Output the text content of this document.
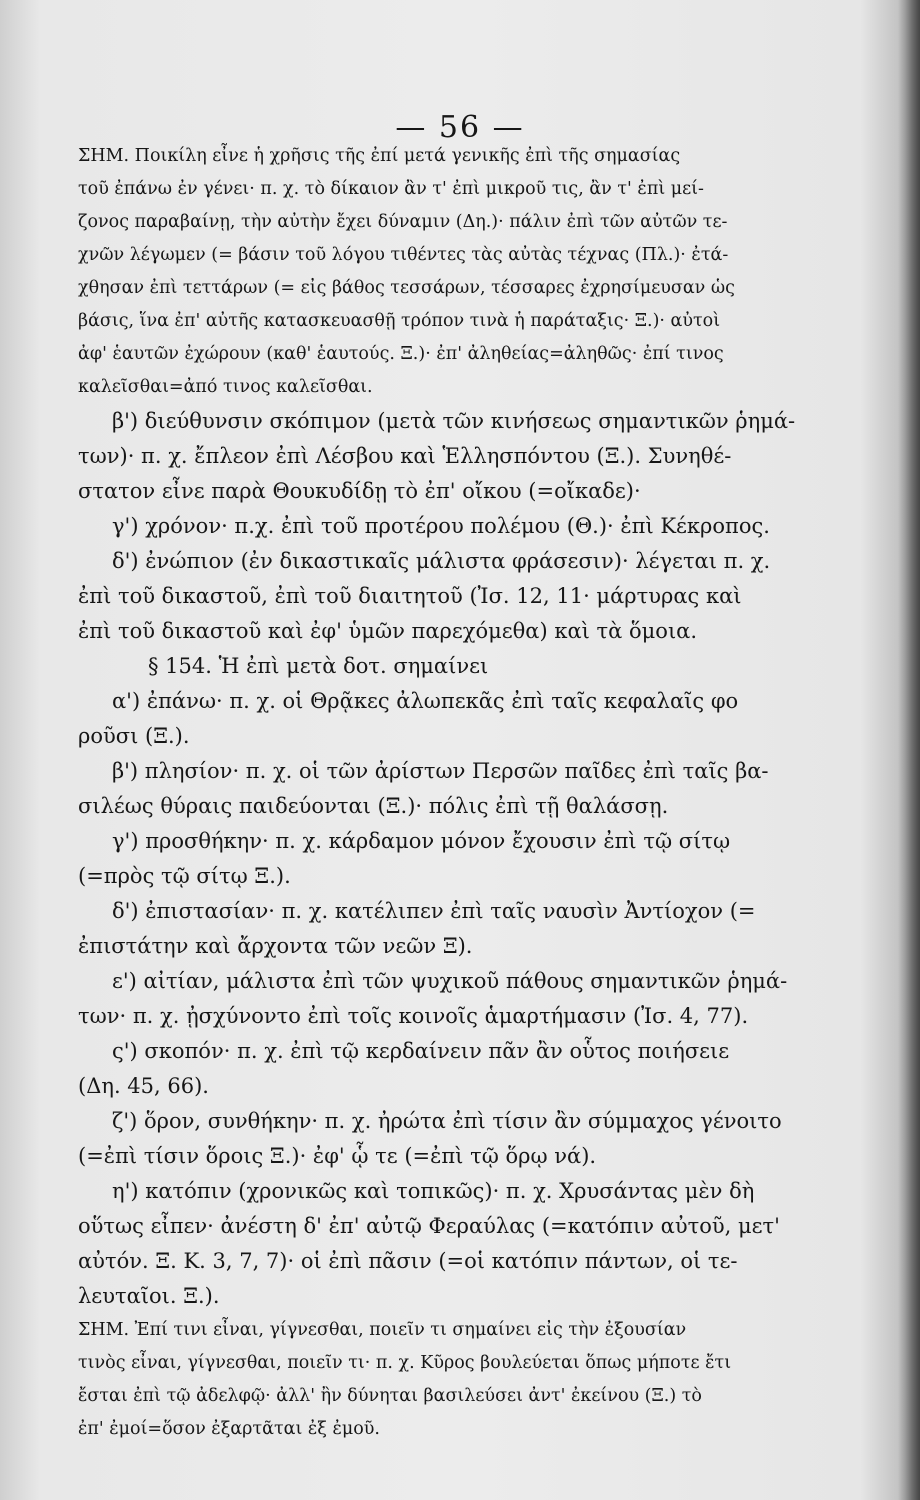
— 56 —
ΣΗΜ. Ποικίλη εἶνε ἡ χρῆσις τῆς ἐπί μετά γενικῆς ἐπὶ τῆς σημασίας
τοῦ ἐπάνω ἐν γένει· π. χ. τὸ δίκαιον ἂν τ' ἐπὶ μικροῦ τις, ἂν τ' ἐπὶ μεί-
ζονος παραβαίνῃ, τὴν αὐτὴν ἔχει δύναμιν (Δη.)· πάλιν ἐπὶ τῶν αὐτῶν τε-
χνῶν λέγωμεν (= βάσιν τοῦ λόγου τιθέντες τὰς αὐτὰς τέχνας (Πλ.)· ἐτά-
χθησαν ἐπὶ τεττάρων (= εἰς βάθος τεσσάρων, τέσσαρες ἐχρησίμευσαν ὡς
βάσις, ἵνα ἐπ' αὐτῆς κατασκευασθῇ τρόπον τινὰ ἡ παράταξις· Ξ.)· αὐτοὶ
ἀφ' ἑαυτῶν ἐχώρουν (καθ' ἑαυτούς. Ξ.)· ἐπ' ἀληθείας=ἀληθῶς· ἐπί τινος
καλεῖσθαι=ἀπό τινος καλεῖσθαι.
β') διεύθυνσιν σκόπιμον (μετὰ τῶν κινήσεως σημαντικῶν ῥημά-
των)· π. χ. ἔπλεον ἐπὶ Λέσβου καὶ Ἑλλησπόντου (Ξ.). Συνηθέ-
στατον εἶνε παρὰ Θουκυδίδῃ τὸ ἐπ' οἴκου (=οἴκαδε)·
γ') χρόνον· π.χ. ἐπὶ τοῦ προτέρου πολέμου (Θ.)· ἐπὶ Κέκροπος.
δ') ἐνώπιον (ἐν δικαστικαῖς μάλιστα φράσεσιν)· λέγεται π. χ.
ἐπὶ τοῦ δικαστοῦ, ἐπὶ τοῦ διαιτητοῦ (Ἰσ. 12, 11· μάρτυρας καὶ
ἐπὶ τοῦ δικαστοῦ καὶ ἐφ' ὑμῶν παρεχόμεθα) καὶ τὰ ὅμοια.
§ 154. Ἡ ἐπὶ μετὰ δοτ. σημαίνει
α') ἐπάνω· π. χ. οἱ Θρᾷκες ἀλωπεκᾶς ἐπὶ ταῖς κεφαλαῖς φο
ροῦσι (Ξ.).
β') πλησίον· π. χ. οἱ τῶν ἀρίστων Περσῶν παῖδες ἐπὶ ταῖς βα-
σιλέως θύραις παιδεύονται (Ξ.)· πόλις ἐπὶ τῇ θαλάσσῃ.
γ') προσθήκην· π. χ. κάρδαμον μόνον ἔχουσιν ἐπὶ τῷ σίτῳ
(=πρὸς τῷ σίτῳ Ξ.).
δ') ἐπιστασίαν· π. χ. κατέλιπεν ἐπὶ ταῖς ναυσὶν Ἀντίοχον (=
ἐπιστάτην καὶ ἄρχοντα τῶν νεῶν Ξ).
ε') αἰτίαν, μάλιστα ἐπὶ τῶν ψυχικοῦ πάθους σημαντικῶν ῥημά-
των· π. χ. ᾐσχύνοντο ἐπὶ τοῖς κοινοῖς ἁμαρτήμασιν (Ἰσ. 4, 77).
ς') σκοπόν· π. χ. ἐπὶ τῷ κερδαίνειν πᾶν ἂν οὗτος ποιήσειε
(Δη. 45, 66).
ζ') ὅρον, συνθήκην· π. χ. ἠρώτα ἐπὶ τίσιν ἂν σύμμαχος γένοιτο
(=ἐπὶ τίσιν ὅροις Ξ.)· ἐφ' ᾧ τε (=ἐπὶ τῷ ὅρῳ νά).
η') κατόπιν (χρονικῶς καὶ τοπικῶς)· π. χ. Χρυσάντας μὲν δὴ
οὕτως εἶπεν· ἀνέστη δ' ἐπ' αὐτῷ Φεραύλας (=κατόπιν αὐτοῦ, μετ'
αὐτόν. Ξ. Κ. 3, 7, 7)· οἱ ἐπὶ πᾶσιν (=οἱ κατόπιν πάντων, οἱ τε-
λευταῖοι. Ξ.).
ΣΗΜ. Ἐπί τινι εἶναι, γίγνεσθαι, ποιεῖν τι σημαίνει εἰς τὴν ἐξουσίαν
τινὸς εἶναι, γίγνεσθαι, ποιεῖν τι· π. χ. Κῦρος βουλεύεται ὅπως μήποτε ἔτι
ἔσται ἐπὶ τῷ ἀδελφῷ· ἀλλ' ἢν δύνηται βασιλεύσει ἀντ' ἐκείνου (Ξ.) τὸ
ἐπ' ἐμοί=ὅσον ἐξαρτᾶται ἐξ ἐμοῦ.
